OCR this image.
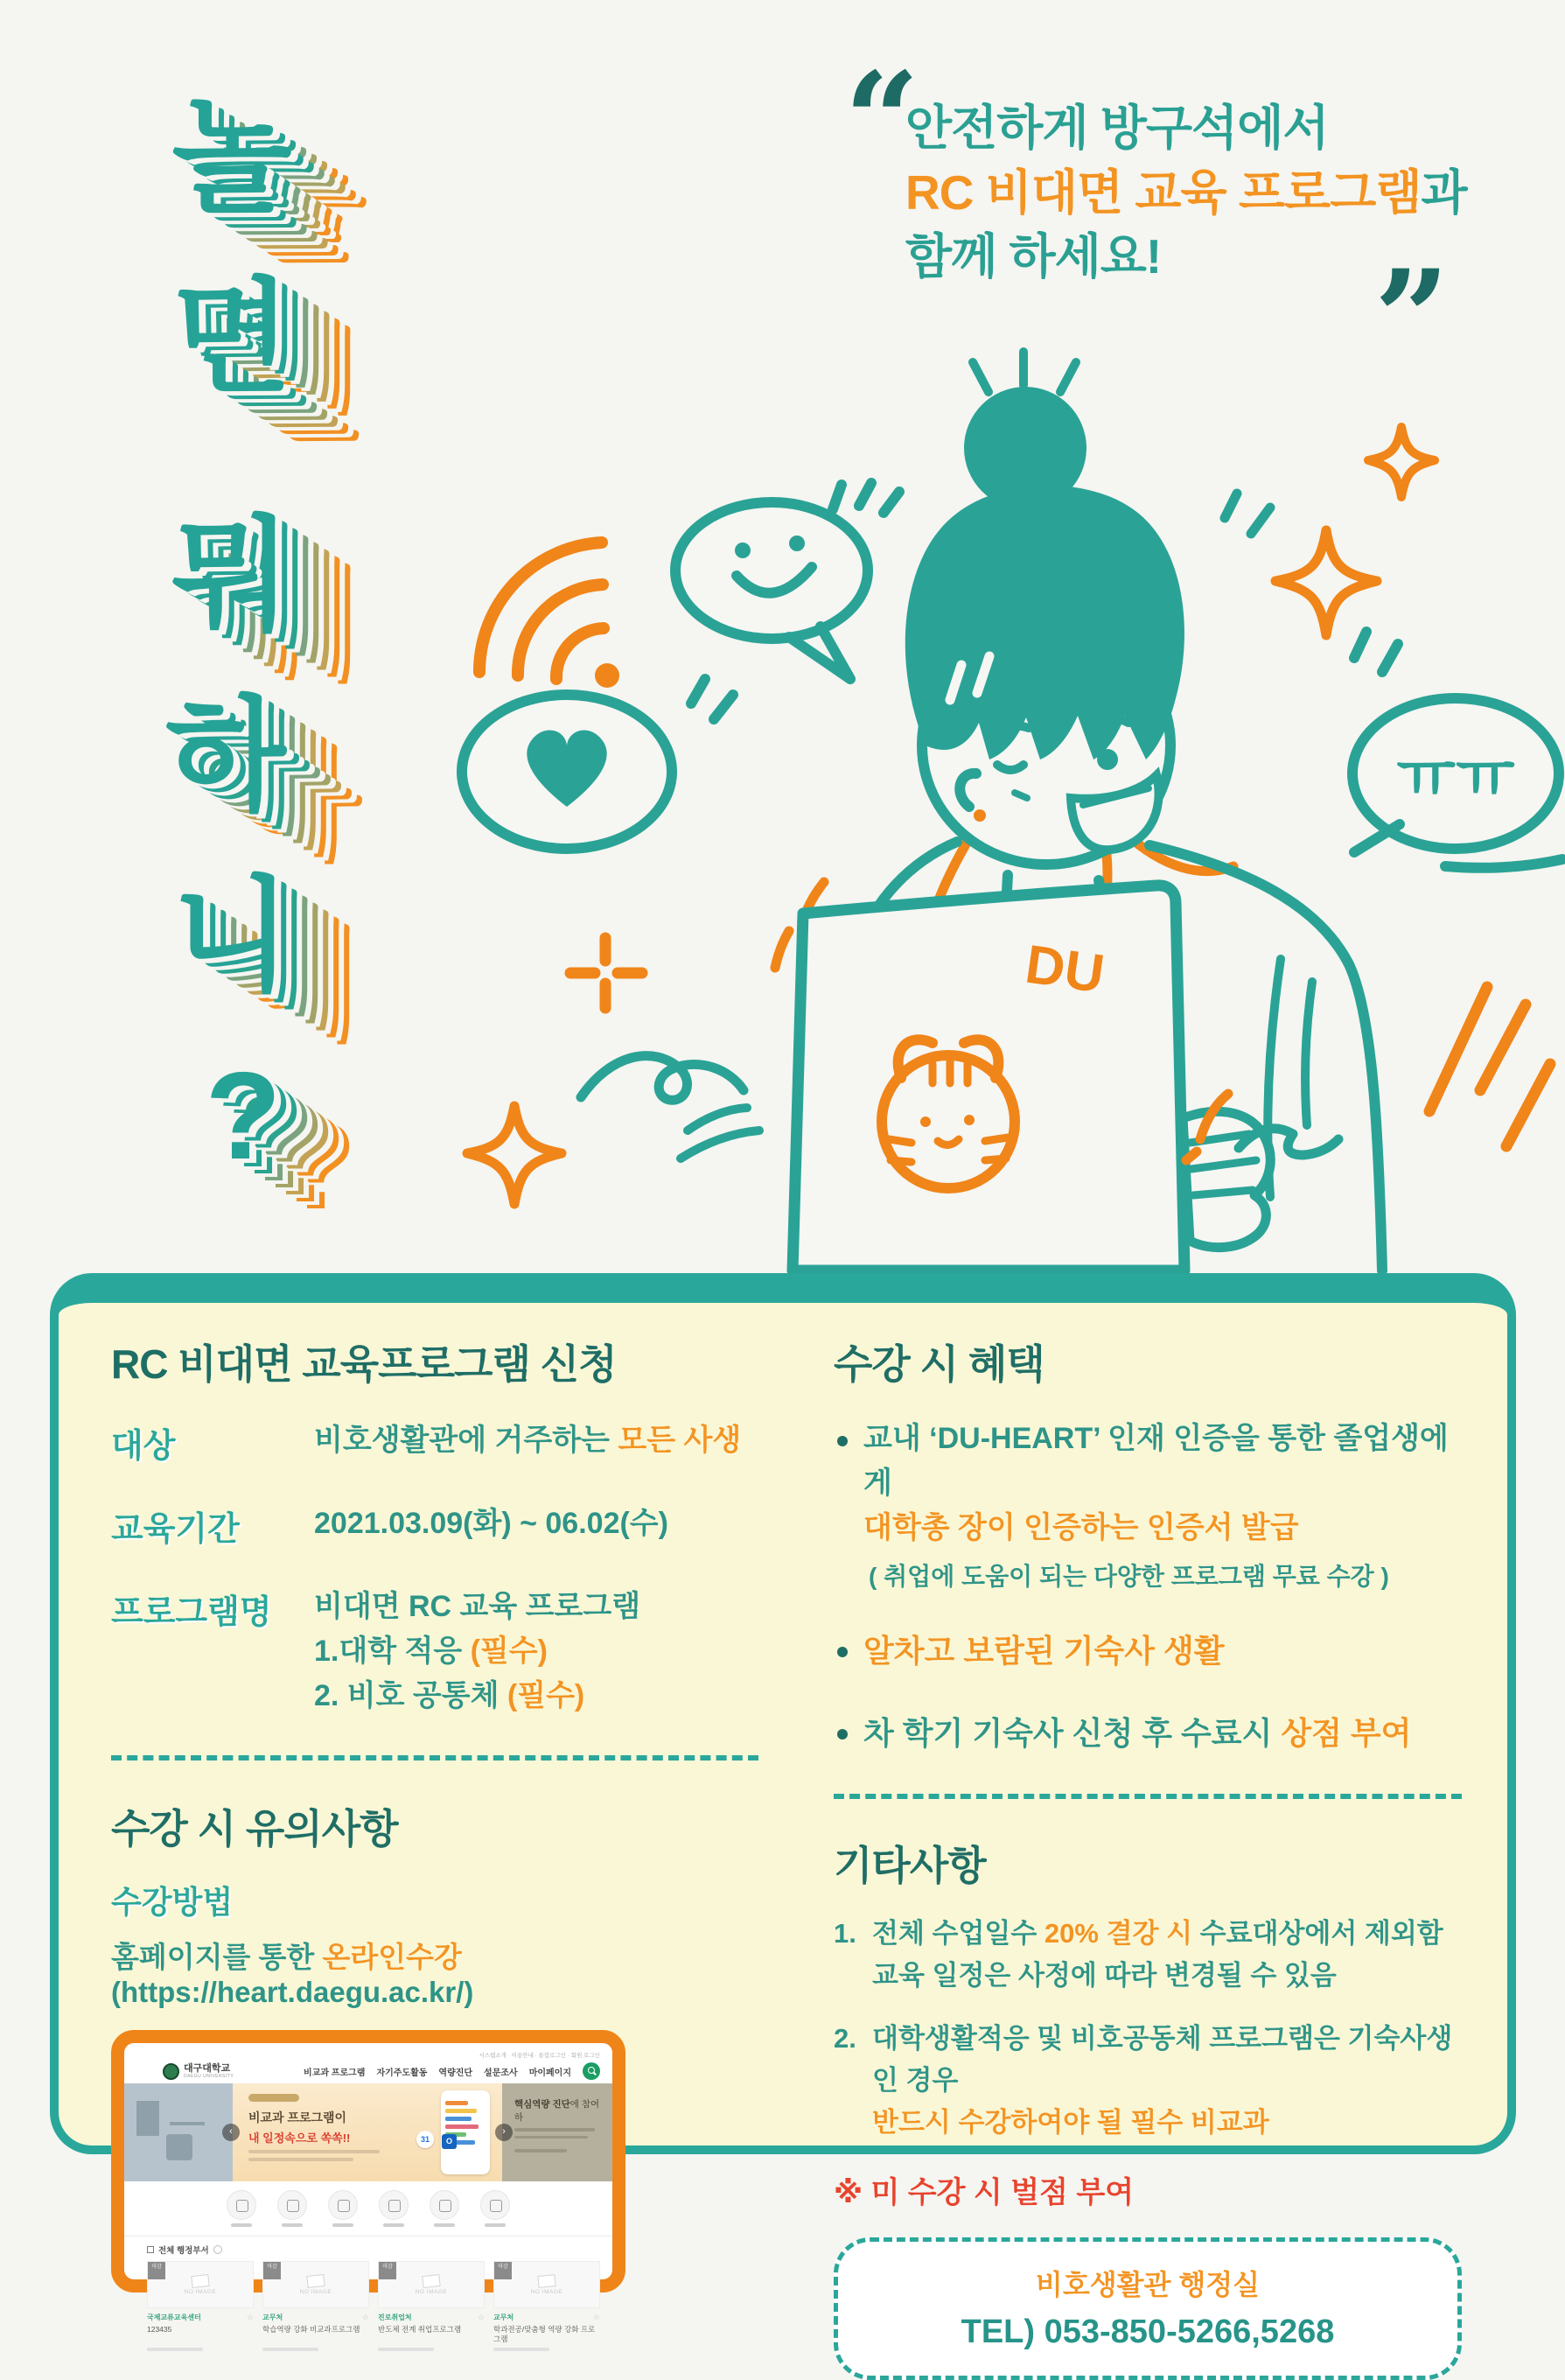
DU
ㅠㅠ
놀
면
뭐
하
니
?
“
”
안전하게 방구석에서
RC 비대면 교육 프로그램과
함께 하세요!
RC 비대면 교육프로그램 신청
대상	비호생활관에 거주하는 모든 사생
교육기간	2021.03.09(화) ~ 06.02(수)
프로그램명	비대면 RC 교육 프로그램
1.대학 적응 (필수)
2. 비호 공통체 (필수)
수강 시 유의사항
수강방법
홈페이지를 통한 온라인수강 (https://heart.daegu.ac.kr/)
대구대학교
DAEGU UNIVERSITY
시스템소개 · 이용안내 · 통합로그인 · 회원 로그인
비교과 프로그램 자기주도활동 역량진단 설문조사 마이페이지
비교과 프로그램이
내 일정속으로 쏙쏙!!	31	O
핵심역량 진단에 참여하
‹	›
전체 행정부서
마감
NO IMAGE
국제교류교육센터	☆
123435
마감
NO IMAGE
교무처	☆
학습역량 강화 비교과프로그램
마감
NO IMAGE
진로취업처	☆
반도체 전계 취업프로그램
마감
NO IMAGE
교무처	☆
학과전공/맞춤형 역량 강화 프로그램
수강 시 혜택
교내 ‘DU-HEART’ 인재 인증을 통한 졸업생에게
대학총 장이 인증하는 인증서 발급
( 취업에 도움이 되는 다양한 프로그램 무료 수강 )
알차고 보람된 기숙사 생활
차 학기 기숙사 신청 후 수료시 상점 부여
기타사항
1. 전체 수업일수 20% 결강 시 수료대상에서 제외함
교육 일정은 사정에 따라 변경될 수 있음
2. 대학생활적응 및 비호공동체 프로그램은 기숙사생인 경우
반드시 수강하여야 될 필수 비교과
※ 미 수강 시 벌점 부여
비호생활관 행정실
TEL) 053-850-5266,5268
